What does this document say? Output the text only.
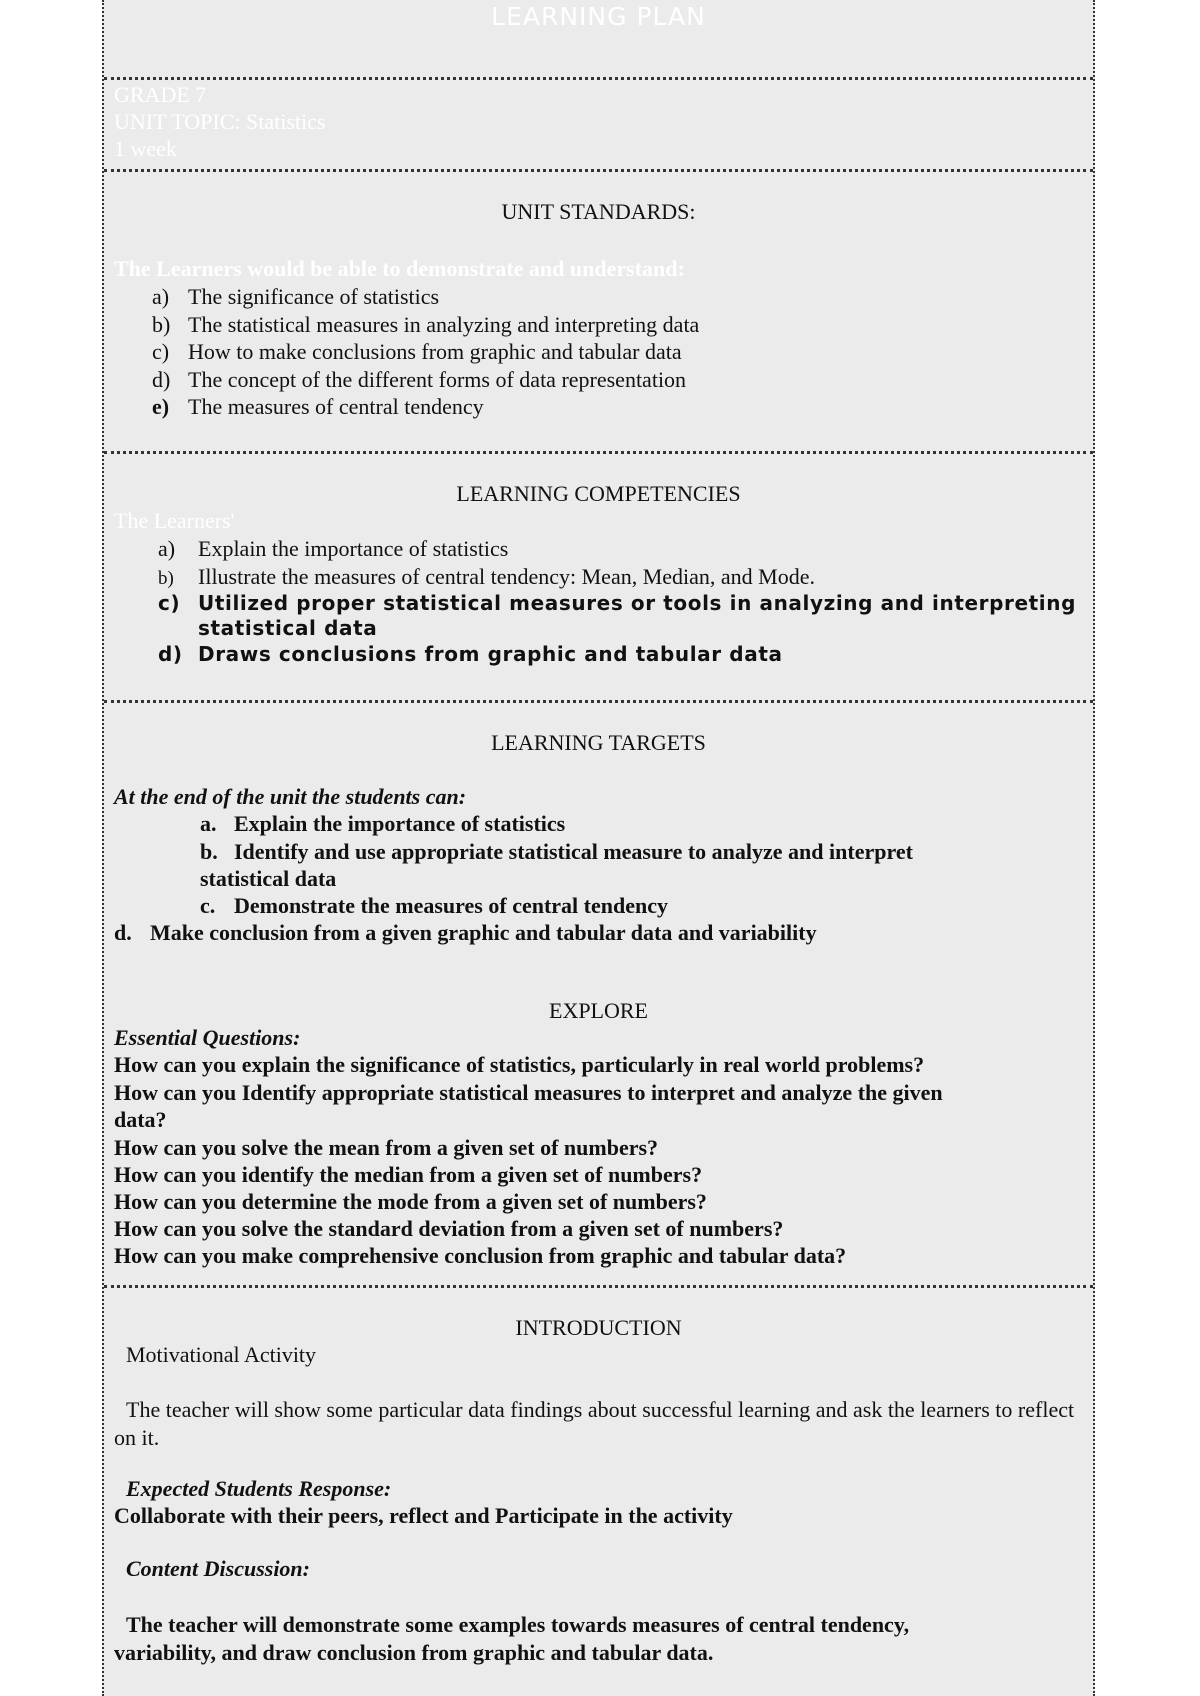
LEARNING PLAN
GRADE 7
UNIT TOPIC: Statistics
1 week
UNIT STANDARDS:
The Learners would be able to demonstrate and understand:
a) The significance of statistics
b) The statistical measures in analyzing and interpreting data
c) How to make conclusions from graphic and tabular data
d) The concept of the different forms of data representation
e) The measures of central tendency
LEARNING COMPETENCIES
The Learners'
a) Explain the importance of statistics
b) Illustrate the measures of central tendency: Mean, Median, and Mode.
c) Utilized proper statistical measures or tools in analyzing and interpreting statistical data
d) Draws conclusions from graphic and tabular data
LEARNING TARGETS
At the end of the unit the students can:
a. Explain the importance of statistics
b. Identify and use appropriate statistical measure to analyze and interpret statistical data
c. Demonstrate the measures of central tendency
d. Make conclusion from a given graphic and tabular data and variability
EXPLORE
Essential Questions:
How can you explain the significance of statistics, particularly in real world problems?
How can you Identify appropriate statistical measures to interpret and analyze the given data?
How can you solve the mean from a given set of numbers?
How can you identify the median from a given set of numbers?
How can you determine the mode from a given set of numbers?
How can you solve the standard deviation from a given set of numbers?
How can you make comprehensive conclusion from graphic and tabular data?
INTRODUCTION
Motivational Activity
The teacher will show some particular data findings about successful learning and ask the learners to reflect on it.
Expected Students Response:
Collaborate with their peers, reflect and Participate in the activity
Content Discussion:
The teacher will demonstrate some examples towards measures of central tendency, variability, and draw conclusion from graphic and tabular data.
